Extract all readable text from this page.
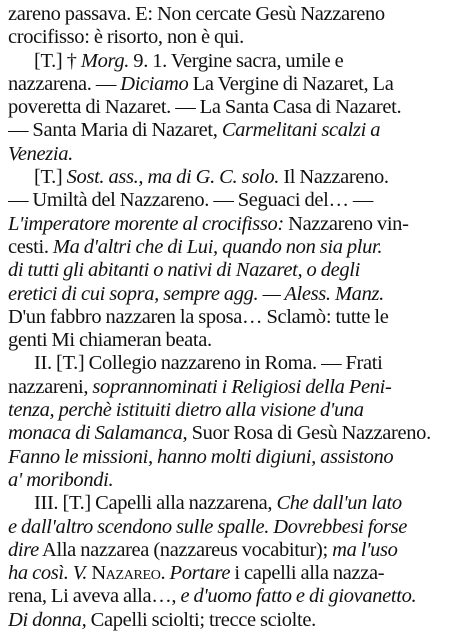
zareno passava. E: Non cercate Gesù Nazzareno
crocifisso: è risorto, non è qui.
[T.] † Morg. 9. 1. Vergine sacra, umile e
nazzarena. — Diciamo La Vergine di Nazaret, La
poveretta di Nazaret. — La Santa Casa di Nazaret.
— Santa Maria di Nazaret, Carmelitani scalzi a
Venezia.
[T.] Sost. ass., ma di G. C. solo. Il Nazzareno.
— Umiltà del Nazzareno. — Seguaci del… —
L'imperatore morente al crocifisso: Nazzareno vin-
cesti. Ma d'altri che di Lui, quando non sia plur.
di tutti gli abitanti o nativi di Nazaret, o degli
eretici di cui sopra, sempre agg. — Aless. Manz.
D'un fabbro nazzaren la sposa… Sclamò: tutte le
genti Mi chiameran beata.
II. [T.] Collegio nazzareno in Roma. — Frati
nazzareni, soprannominati i Religiosi della Peni-
tenza, perchè istituiti dietro alla visione d'una
monaca di Salamanca, Suor Rosa di Gesù Nazzareno.
Fanno le missioni, hanno molti digiuni, assistono
a' moribondi.
III. [T.] Capelli alla nazzarena, Che dall'un lato
e dall'altro scendono sulle spalle. Dovrebbesi forse
dire Alla nazzarea (nazzareus vocabitur); ma l'uso
ha così. V. Nazareo. Portare i capelli alla nazza-
rena, Li aveva alla…, e d'uomo fatto e di giovanetto.
Di donna, Capelli sciolti; trecce sciolte.
